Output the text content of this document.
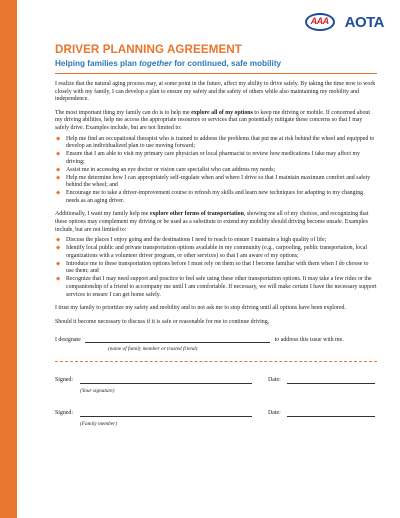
AAA	AOTA
DRIVER PLANNING AGREEMENT
Helping families plan together for continued, safe mobility

I realize that the natural aging process may, at some point in the future, affect my ability to drive safely. By taking the time now to work closely with my family, I can develop a plan to ensure my safety and the safety of others while also maintaining my mobility and independence.

The most important thing my family can do is to help me explore all of my options to keep me driving or mobile. If concerned about my driving abilities, help me access the appropriate resources or services that can potentially mitigate these concerns so that I may safely drive. Examples include, but are not limited to:

◆ Help me find an occupational therapist who is trained to address the problems that put me at risk behind the wheel and equipped to develop an individualized plan to use moving forward;
◆ Ensure that I am able to visit my primary care physician or local pharmacist to review how medications I take may affect my driving;
◆ Assist me in accessing an eye doctor or vision care specialist who can address my needs;
◆ Help me determine how I can appropriately self-regulate when and where I drive so that I maintain maximum comfort and safety behind the wheel; and
◆ Encourage me to take a driver-improvement course to refresh my skills and learn new techniques for adapting to my changing needs as an aging driver.

Additionally, I want my family help me explore other forms of transportation, showing me all of my choices, and recognizing that these options may complement my driving or be used as a substitute to extend my mobility should driving become unsafe. Examples include, but are not limited to:

◆ Discuss the places I enjoy going and the destinations I need to reach to ensure I maintain a high quality of life;
◆ Identify local public and private transportation options available in my community (e.g., carpooling, public transportation, local organizations with a volunteer driver program, or other services) so that I am aware of my options;
◆ Introduce me to these transportation options before I must rely on them so that I become familiar with them when I do choose to use them; and
◆ Recognize that I may need support and practice to feel safe using these other transportation options. It may take a few rides or the companionship of a friend to accompany me until I am comfortable. If necessary, we will make certain I have the necessary support services to ensure I can get home safely.

I trust my family to prioritize my safety and mobility and to not ask me to stop driving until all options have been explored.

Should it become necessary to discuss if it is safe or reasonable for me to continue driving,

I designate	to address this issue with me.
(name of family member or trusted friend)
Signed:	Date:
(Your signature)
Signed:	Date:
(Family member)
